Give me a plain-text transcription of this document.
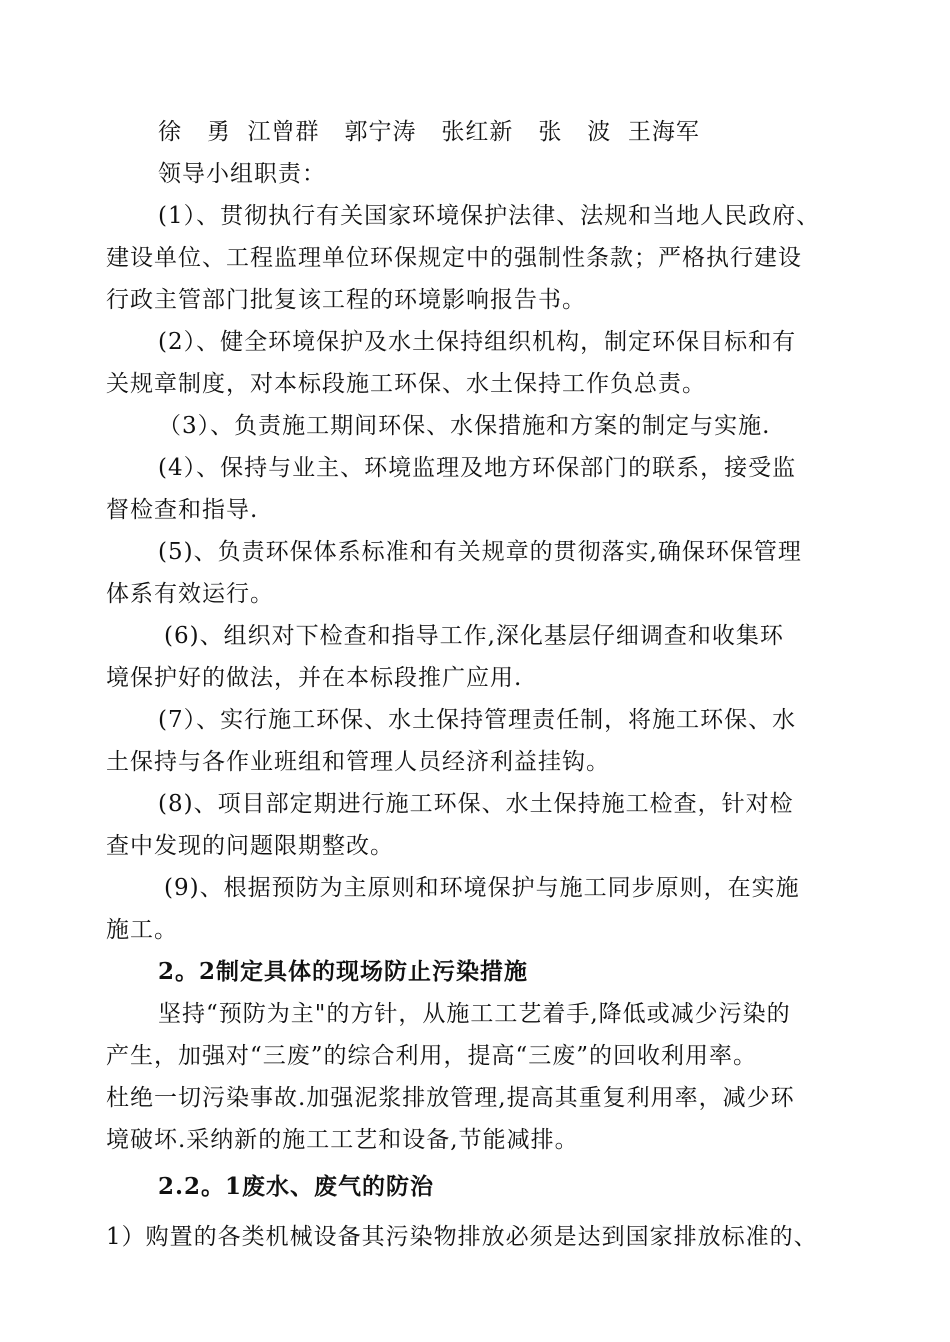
徐   勇  江曾群   郭宁涛   张红新   张   波  王海军

领导小组职责：

(1）、贯彻执行有关国家环境保护法律、法规和当地人民政府、

建设单位、工程监理单位环保规定中的强制性条款；严格执行建设

行政主管部门批复该工程的环境影响报告书。

(2）、健全环境保护及水土保持组织机构，制定环保目标和有

关规章制度，对本标段施工环保、水土保持工作负总责。

（3）、负责施工期间环保、水保措施和方案的制定与实施.

(4）、保持与业主、环境监理及地方环保部门的联系，接受监

督检查和指导.

(5)、负责环保体系标准和有关规章的贯彻落实,确保环保管理

体系有效运行。

(6)、组织对下检查和指导工作,深化基层仔细调查和收集环

境保护好的做法，并在本标段推广应用.

(7）、实行施工环保、水土保持管理责任制，将施工环保、水

土保持与各作业班组和管理人员经济利益挂钩。

(8)、项目部定期进行施工环保、水土保持施工检查，针对检

查中发现的问题限期整改。

(9)、根据预防为主原则和环境保护与施工同步原则，在实施

施工。

2。2制定具体的现场防止污染措施

坚持“预防为主"的方针，从施工工艺着手,降低或减少污染的

产生，加强对“三废”的综合利用，提高“三废”的回收利用率。

杜绝一切污染事故.加强泥浆排放管理,提高其重复利用率，减少环

境破坏.采纳新的施工工艺和设备,节能减排。

2.2。1废水、废气的防治

1）购置的各类机械设备其污染物排放必须是达到国家排放标准的、
